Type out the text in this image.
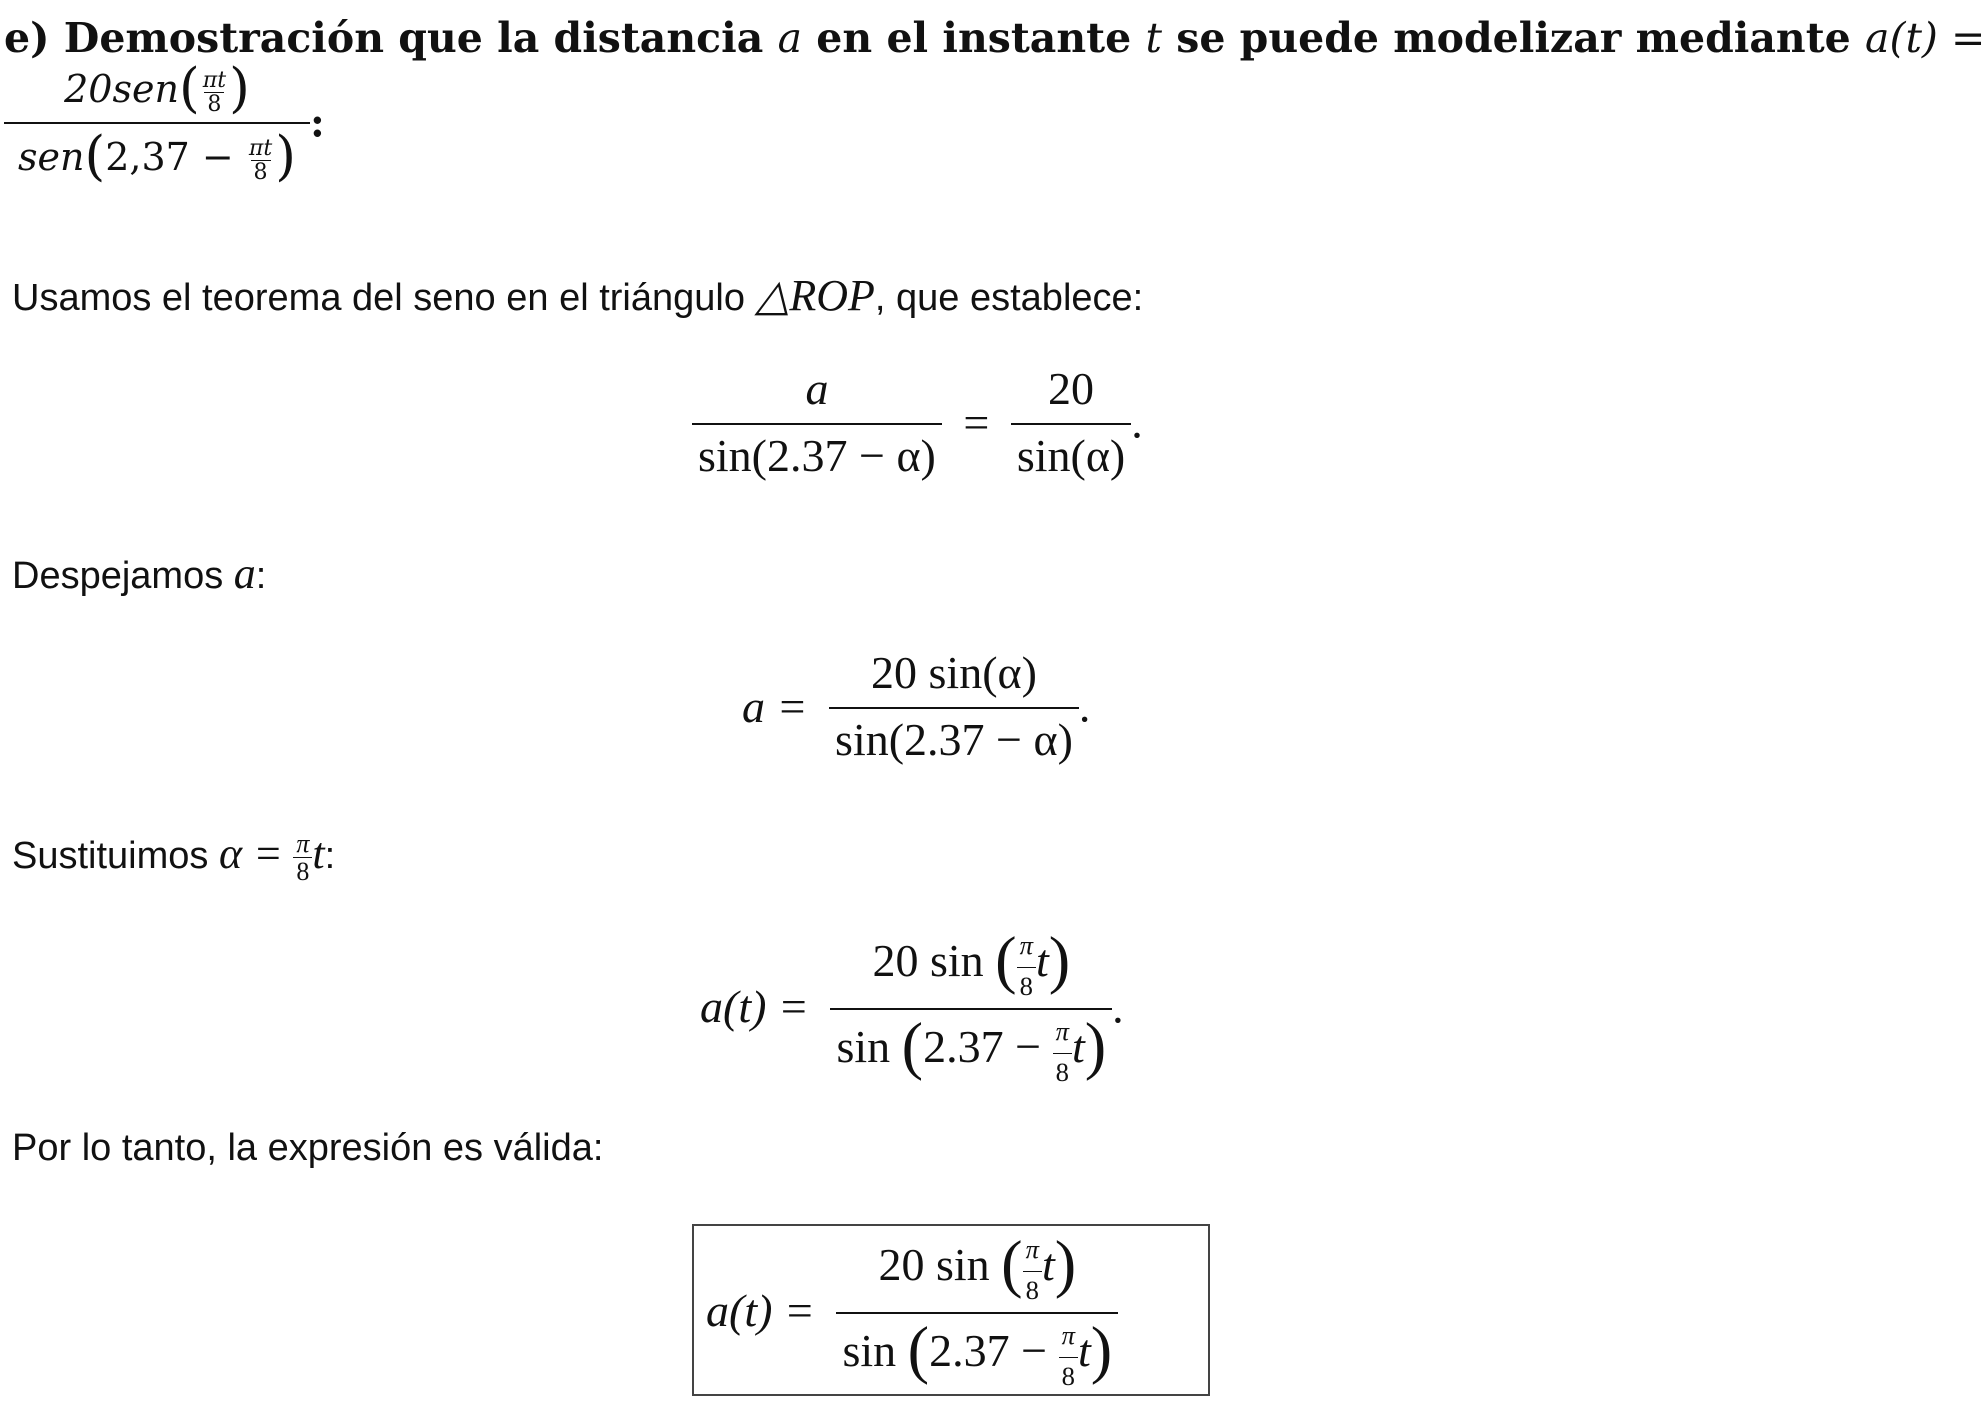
e) Demostración que la distancia a en el instante t se puede modelizar mediante a(t) =
$\frac{20sen( \frac{\pi t}{8} )}{sen(2,37 - \frac{\pi t}{8} )}$ :
Usamos el teorema del seno en el triángulo △ROP, que establece:
$\frac{a}{\sin(2.37 - \alpha)} = \frac{20}{\sin(\alpha)}$ .
Despejamos a:
$a = \frac{20 \sin(\alpha)}{\sin(2.37 - \alpha)}$ .
Sustituimos $\alpha = \frac{\pi}{8} t$:
$a(t) = \frac{20 \sin ( \frac{\pi}{8} t)}{\sin (2.37 - \frac{\pi}{8} t)}$ .
Por lo tanto, la expresión es válida:
$a(t) = \frac{20 \sin ( \frac{\pi}{8} t)}{\sin (2.37 - \frac{\pi}{8} t)}$
